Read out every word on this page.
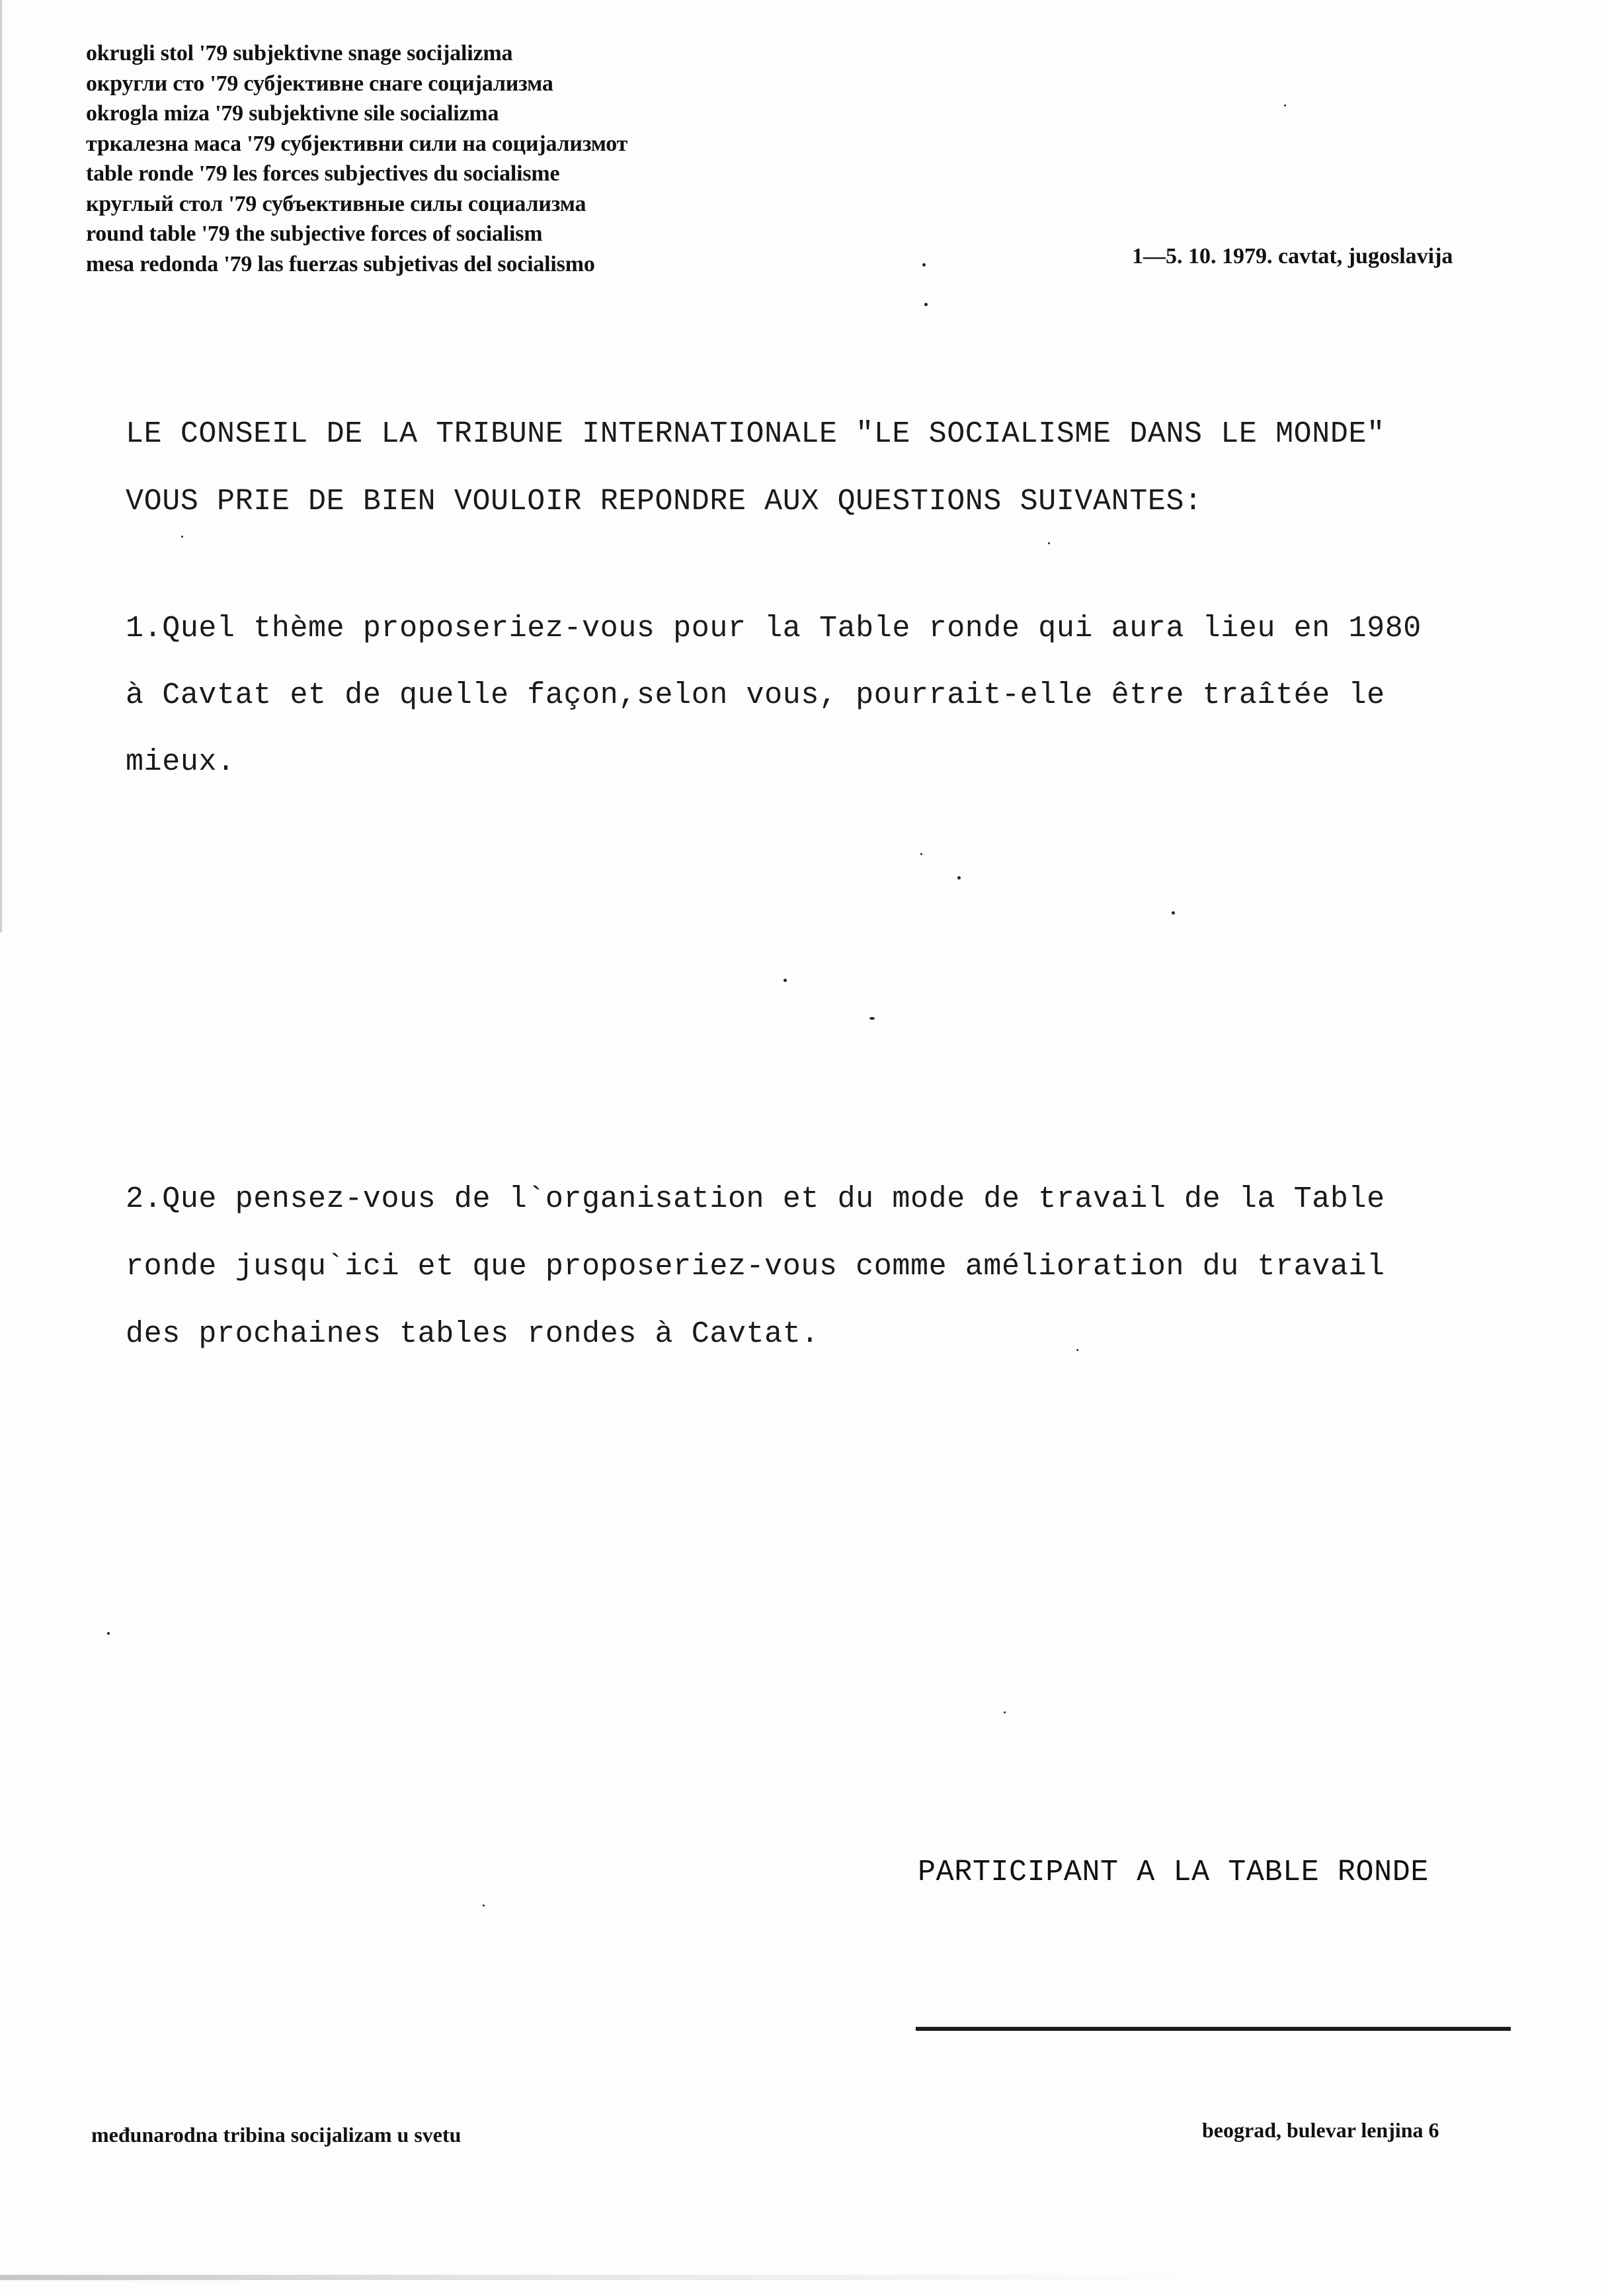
okrugli stol '79 subjektivne snage socijalizma
округли сто '79 субјективне снаге социјализма
okrogla miza '79 subjektivne sile socializma
тркалезна маса '79 субјективни сили на социјализмот
table ronde '79 les forces subjectives du socialisme
круглый стол '79 субъективные силы социализма
round table '79 the subjective forces of socialism
mesa redonda '79 las fuerzas subjetivas del socialismo	1—5. 10. 1979. cavtat, jugoslavija
LE CONSEIL DE LA TRIBUNE INTERNATIONALE "LE SOCIALISME DANS LE MONDE"
VOUS PRIE DE BIEN VOULOIR REPONDRE AUX QUESTIONS SUIVANTES:
1.Quel thème proposeriez-vous pour la Table ronde qui aura lieu en 1980
à Cavtat et de quelle façon,selon vous, pourrait-elle être traîtée le
mieux.
2.Que pensez-vous de l`organisation et du mode de travail de la Table
ronde jusqu`ici et que proposeriez-vous comme amélioration du travail
des prochaines tables rondes à Cavtat.
PARTICIPANT A LA TABLE RONDE
međunarodna tribina socijalizam u svetu	beograd, bulevar lenjina 6
